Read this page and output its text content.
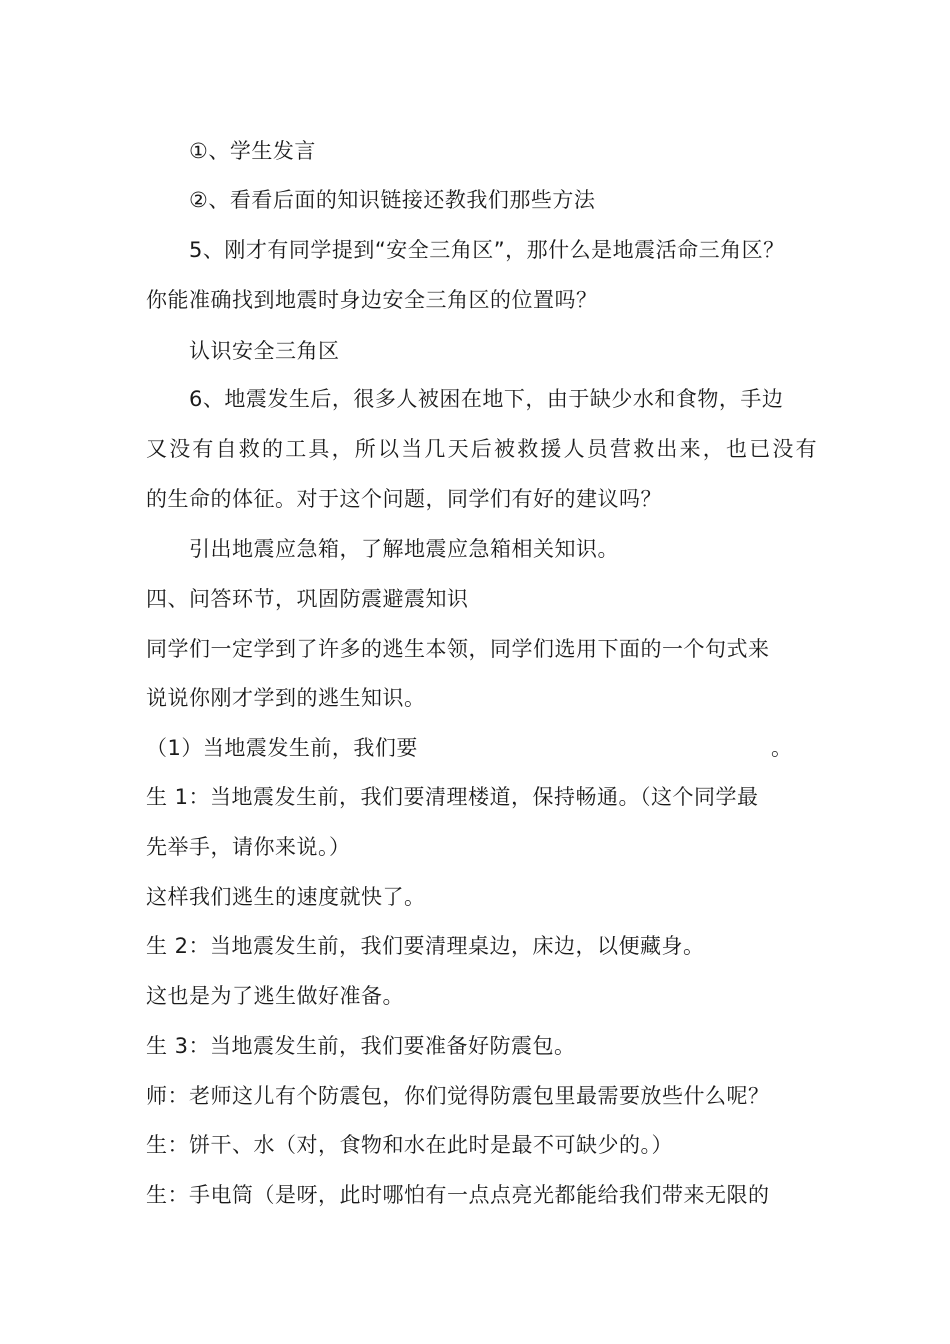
①、学生发言
②、看看后面的知识链接还教我们那些方法
5、刚才有同学提到“安全三角区”，那什么是地震活命三角区？
你能准确找到地震时身边安全三角区的位置吗？
认识安全三角区
6、地震发生后，很多人被困在地下，由于缺少水和食物，手边
又没有自救的工具，所以当几天后被救援人员营救出来，也已没有
的生命的体征。对于这个问题，同学们有好的建议吗？
引出地震应急箱，了解地震应急箱相关知识。
四、问答环节，巩固防震避震知识
同学们一定学到了许多的逃生本领，同学们选用下面的一个句式来
说说你刚才学到的逃生知识。
（1）当地震发生前，我们要	。
生 1：当地震发生前，我们要清理楼道，保持畅通。（这个同学最
先举手，请你来说。）
这样我们逃生的速度就快了。
生 2：当地震发生前，我们要清理桌边，床边，以便藏身。
这也是为了逃生做好准备。
生 3：当地震发生前，我们要准备好防震包。
师：老师这儿有个防震包，你们觉得防震包里最需要放些什么呢？
生：饼干、水（对，食物和水在此时是最不可缺少的。）
生：手电筒（是呀，此时哪怕有一点点亮光都能给我们带来无限的
